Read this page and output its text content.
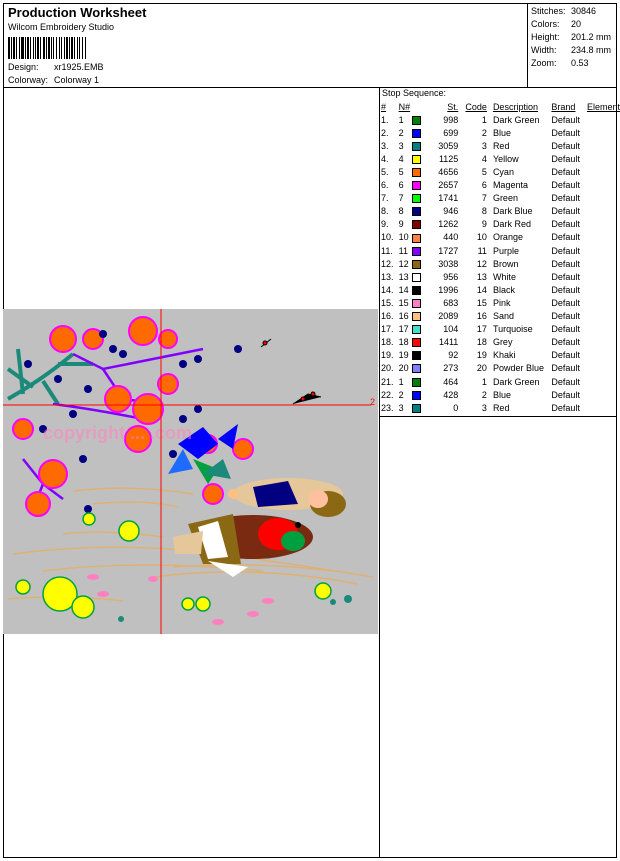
Production Worksheet
Wilcom Embroidery Studio
Design: xr1925.EMB
Colorway: Colorway 1
Stitches: 30846
Colors:	20
Height:	201.2 mm
Width:	234.8 mm
Zoom:	0.53
Stop Sequence:
#	N#		St.	Code	Description	Brand	Element
1.	1		998	1	Dark Green	Default	
2.	2		699	2	Blue	Default	
3.	3		3059	3	Red	Default	
4.	4		1125	4	Yellow	Default	
5.	5		4656	5	Cyan	Default	
6.	6		2657	6	Magenta	Default	
7.	7		1741	7	Green	Default	
8.	8		946	8	Dark Blue	Default	
9.	9		1262	9	Dark Red	Default	
10.	10		440	10	Orange	Default	
11.	11		1727	11	Purple	Default	
12.	12		3038	12	Brown	Default	
13.	13		956	13	White	Default	
14.	14		1996	14	Black	Default	
15.	15		683	15	Pink	Default	
16.	16		2089	16	Sand	Default	
17.	17		104	17	Turquoise	Default	
18.	18		1411	18	Grey	Default	
19.	19		92	19	Khaki	Default	
20.	20		273	20	Powder Blue	Default	
21.	1		464	1	Dark Green	Default	
22.	2		428	2	Blue	Default	
23.	3		0	3	Red	Default	
copyright ... .com
2
